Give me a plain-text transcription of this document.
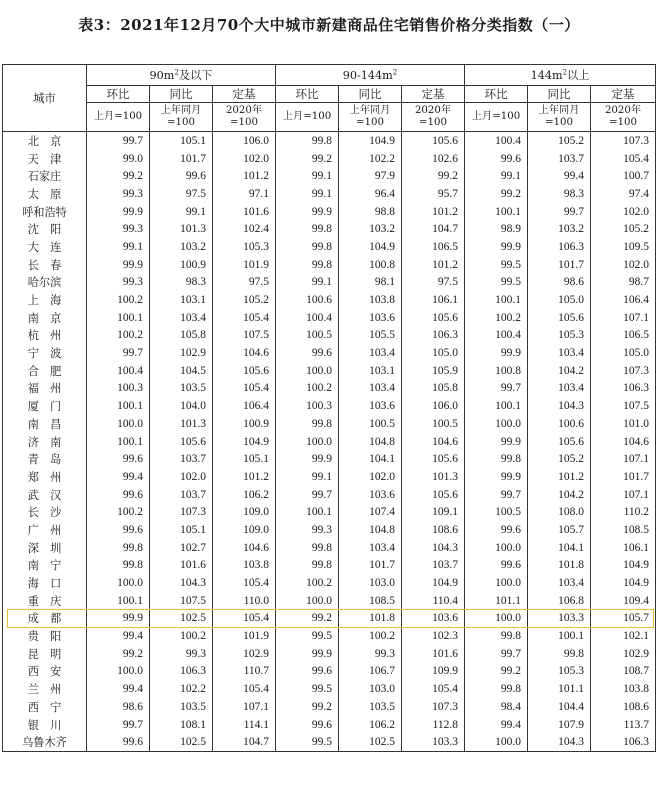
表3：2021年12月70个大中城市新建商品住宅销售价格分类指数（一）
城市	$90m^2$及以下			$90-144m^2$			$144m^2$以上		
	环比	同比	定基	环比	同比	定基	环比	同比	定基
	上月=100	上年同月=100	2020年=100	上月=100	上年同月=100	2020年=100	上月=100	上年同月=100	2020年=100
北　京	99.7	105.1	106.0	99.8	104.9	105.6	100.4	105.2	107.3
天　津	99.0	101.7	102.0	99.2	102.2	102.6	99.6	103.7	105.4
石家庄	99.2	99.6	101.2	99.1	97.9	99.2	99.1	99.4	100.7
太　原	99.3	97.5	97.1	99.1	96.4	95.7	99.2	98.3	97.4
呼和浩特	99.9	99.1	101.6	99.9	98.8	101.2	100.1	99.7	102.0
沈　阳	99.3	101.3	102.4	99.8	103.2	104.7	98.9	103.2	105.2
大　连	99.1	103.2	105.3	99.8	104.9	106.5	99.9	106.3	109.5
长　春	99.9	100.9	101.9	99.8	100.8	101.2	99.5	101.7	102.0
哈尔滨	99.3	98.3	97.5	99.1	98.1	97.5	99.5	98.6	98.7
上　海	100.2	103.1	105.2	100.6	103.8	106.1	100.1	105.0	106.4
南　京	100.1	103.4	105.4	100.4	103.6	105.6	100.2	105.6	107.1
杭　州	100.2	105.8	107.5	100.5	105.5	106.3	100.4	105.3	106.5
宁　波	99.7	102.9	104.6	99.6	103.4	105.0	99.9	103.4	105.0
合　肥	100.4	104.5	105.6	100.0	103.1	105.9	100.8	104.2	107.3
福　州	100.3	103.5	105.4	100.2	103.4	105.8	99.7	103.4	106.3
厦　门	100.1	104.0	106.4	100.3	103.6	106.0	100.1	104.3	107.5
南　昌	100.0	101.3	100.9	99.8	100.5	100.5	100.0	100.6	101.0
济　南	100.1	105.6	104.9	100.0	104.8	104.6	99.9	105.6	104.6
青　岛	99.6	103.7	105.1	99.9	104.1	105.6	99.8	105.2	107.1
郑　州	99.4	102.0	101.2	99.1	102.0	101.3	99.9	101.2	101.7
武　汉	99.6	103.7	106.2	99.7	103.6	105.6	99.7	104.2	107.1
长　沙	100.2	107.3	109.0	100.1	107.4	109.1	100.5	108.0	110.2
广　州	99.6	105.1	109.0	99.3	104.8	108.6	99.6	105.7	108.5
深　圳	99.8	102.7	104.6	99.8	103.4	104.3	100.0	104.1	106.1
南　宁	99.8	101.6	103.8	99.8	101.7	103.7	99.6	101.8	104.9
海　口	100.0	104.3	105.4	100.2	103.0	104.9	100.0	103.4	104.9
重　庆	100.1	107.5	110.0	100.0	108.5	110.4	101.1	106.8	109.4
成　都	99.9	102.5	105.4	99.2	101.8	103.6	100.0	103.3	105.7
贵　阳	99.4	100.2	101.9	99.5	100.2	102.3	99.8	100.1	102.1
昆　明	99.2	99.3	102.9	99.9	99.3	101.6	99.7	99.8	102.9
西　安	100.0	106.3	110.7	99.6	106.7	109.9	99.2	105.3	108.7
兰　州	99.4	102.2	105.4	99.5	103.0	105.4	99.8	101.1	103.8
西　宁	98.6	103.5	107.1	99.2	103.5	107.3	98.4	104.4	108.6
银　川	99.7	108.1	114.1	99.6	106.2	112.8	99.4	107.9	113.7
乌鲁木齐	99.6	102.5	104.7	99.5	102.5	103.3	100.0	104.3	106.3
